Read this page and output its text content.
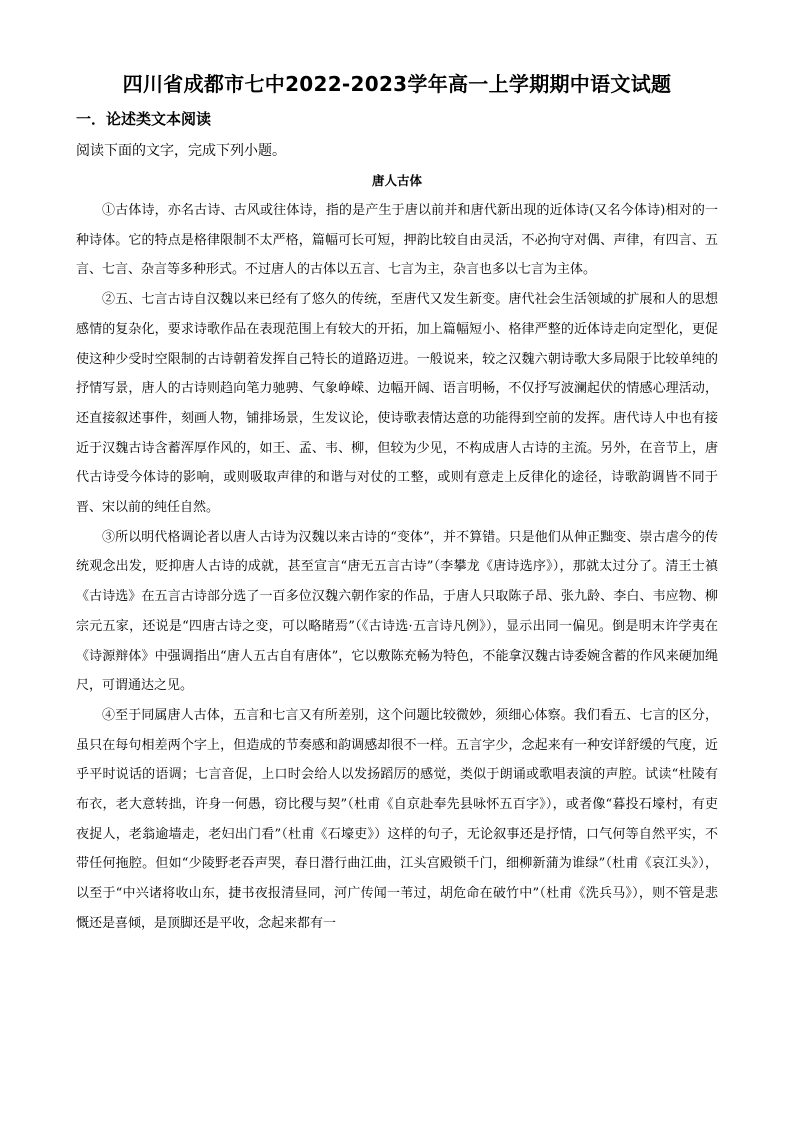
四川省成都市七中2022-2023学年高一上学期期中语文试题
一．论述类文本阅读
阅读下面的文字，完成下列小题。
唐人古体

①古体诗，亦名古诗、古风或往体诗，指的是产生于唐以前并和唐代新出现的近体诗(又名今体诗)相对的一种诗体。它的特点是格律限制不太严格，篇幅可长可短，押韵比较自由灵活，不必拘守对偶、声律，有四言、五言、七言、杂言等多种形式。不过唐人的古体以五言、七言为主，杂言也多以七言为主体。

②五、七言古诗自汉魏以来已经有了悠久的传统，至唐代又发生新变。唐代社会生活领域的扩展和人的思想感情的复杂化，要求诗歌作品在表现范围上有较大的开拓，加上篇幅短小、格律严整的近体诗走向定型化，更促使这种少受时空限制的古诗朝着发挥自己特长的道路迈进。一般说来，较之汉魏六朝诗歌大多局限于比较单纯的抒情写景，唐人的古诗则趋向笔力驰骋、气象峥嵘、边幅开阔、语言明畅，不仅抒写波澜起伏的情感心理活动，还直接叙述事件，刻画人物，铺排场景，生发议论，使诗歌表情达意的功能得到空前的发挥。唐代诗人中也有接近于汉魏古诗含蓄浑厚作风的，如王、孟、韦、柳，但较为少见，不构成唐人古诗的主流。另外，在音节上，唐代古诗受今体诗的影响，或则吸取声律的和谐与对仗的工整，或则有意走上反律化的途径，诗歌韵调皆不同于晋、宋以前的纯任自然。

③所以明代格调论者以唐人古诗为汉魏以来古诗的“变体”，并不算错。只是他们从伸正黜变、崇古虐今的传统观念出发，贬抑唐人古诗的成就，甚至宣言“唐无五言古诗”（李攀龙《唐诗选序》），那就太过分了。清王士禛《古诗选》在五言古诗部分选了一百多位汉魏六朝作家的作品，于唐人只取陈子昂、张九龄、李白、韦应物、柳宗元五家，还说是“四唐古诗之变，可以略睹焉”（《古诗选·五言诗凡例》），显示出同一偏见。倒是明末许学夷在《诗源辩体》中强调指出“唐人五古自有唐体”，它以敷陈充畅为特色，不能拿汉魏古诗委婉含蓄的作风来硬加绳尺，可谓通达之见。

④至于同属唐人古体，五言和七言又有所差别，这个问题比较微妙，须细心体察。我们看五、七言的区分，虽只在每句相差两个字上，但造成的节奏感和韵调感却很不一样。五言字少，念起来有一种安详舒缓的气度，近乎平时说话的语调；七言音促，上口时会给人以发扬蹈厉的感觉，类似于朗诵或歌唱表演的声腔。试读“杜陵有布衣，老大意转拙，许身一何愚，窃比稷与契”（杜甫《自京赴奉先县咏怀五百字》），或者像“暮投石壕村，有吏夜捉人，老翁逾墙走，老妇出门看”（杜甫《石壕吏》）这样的句子，无论叙事还是抒情，口气何等自然平实，不带任何拖腔。但如“少陵野老吞声哭，春日潜行曲江曲，江头宫殿锁千门，细柳新蒲为谁绿”（杜甫《哀江头》），以至于“中兴诸将收山东，捷书夜报清昼同，河广传闻一苇过，胡危命在破竹中”（杜甫《洗兵马》），则不管是悲慨还是喜倾，是顶脚还是平收，念起来都有一
